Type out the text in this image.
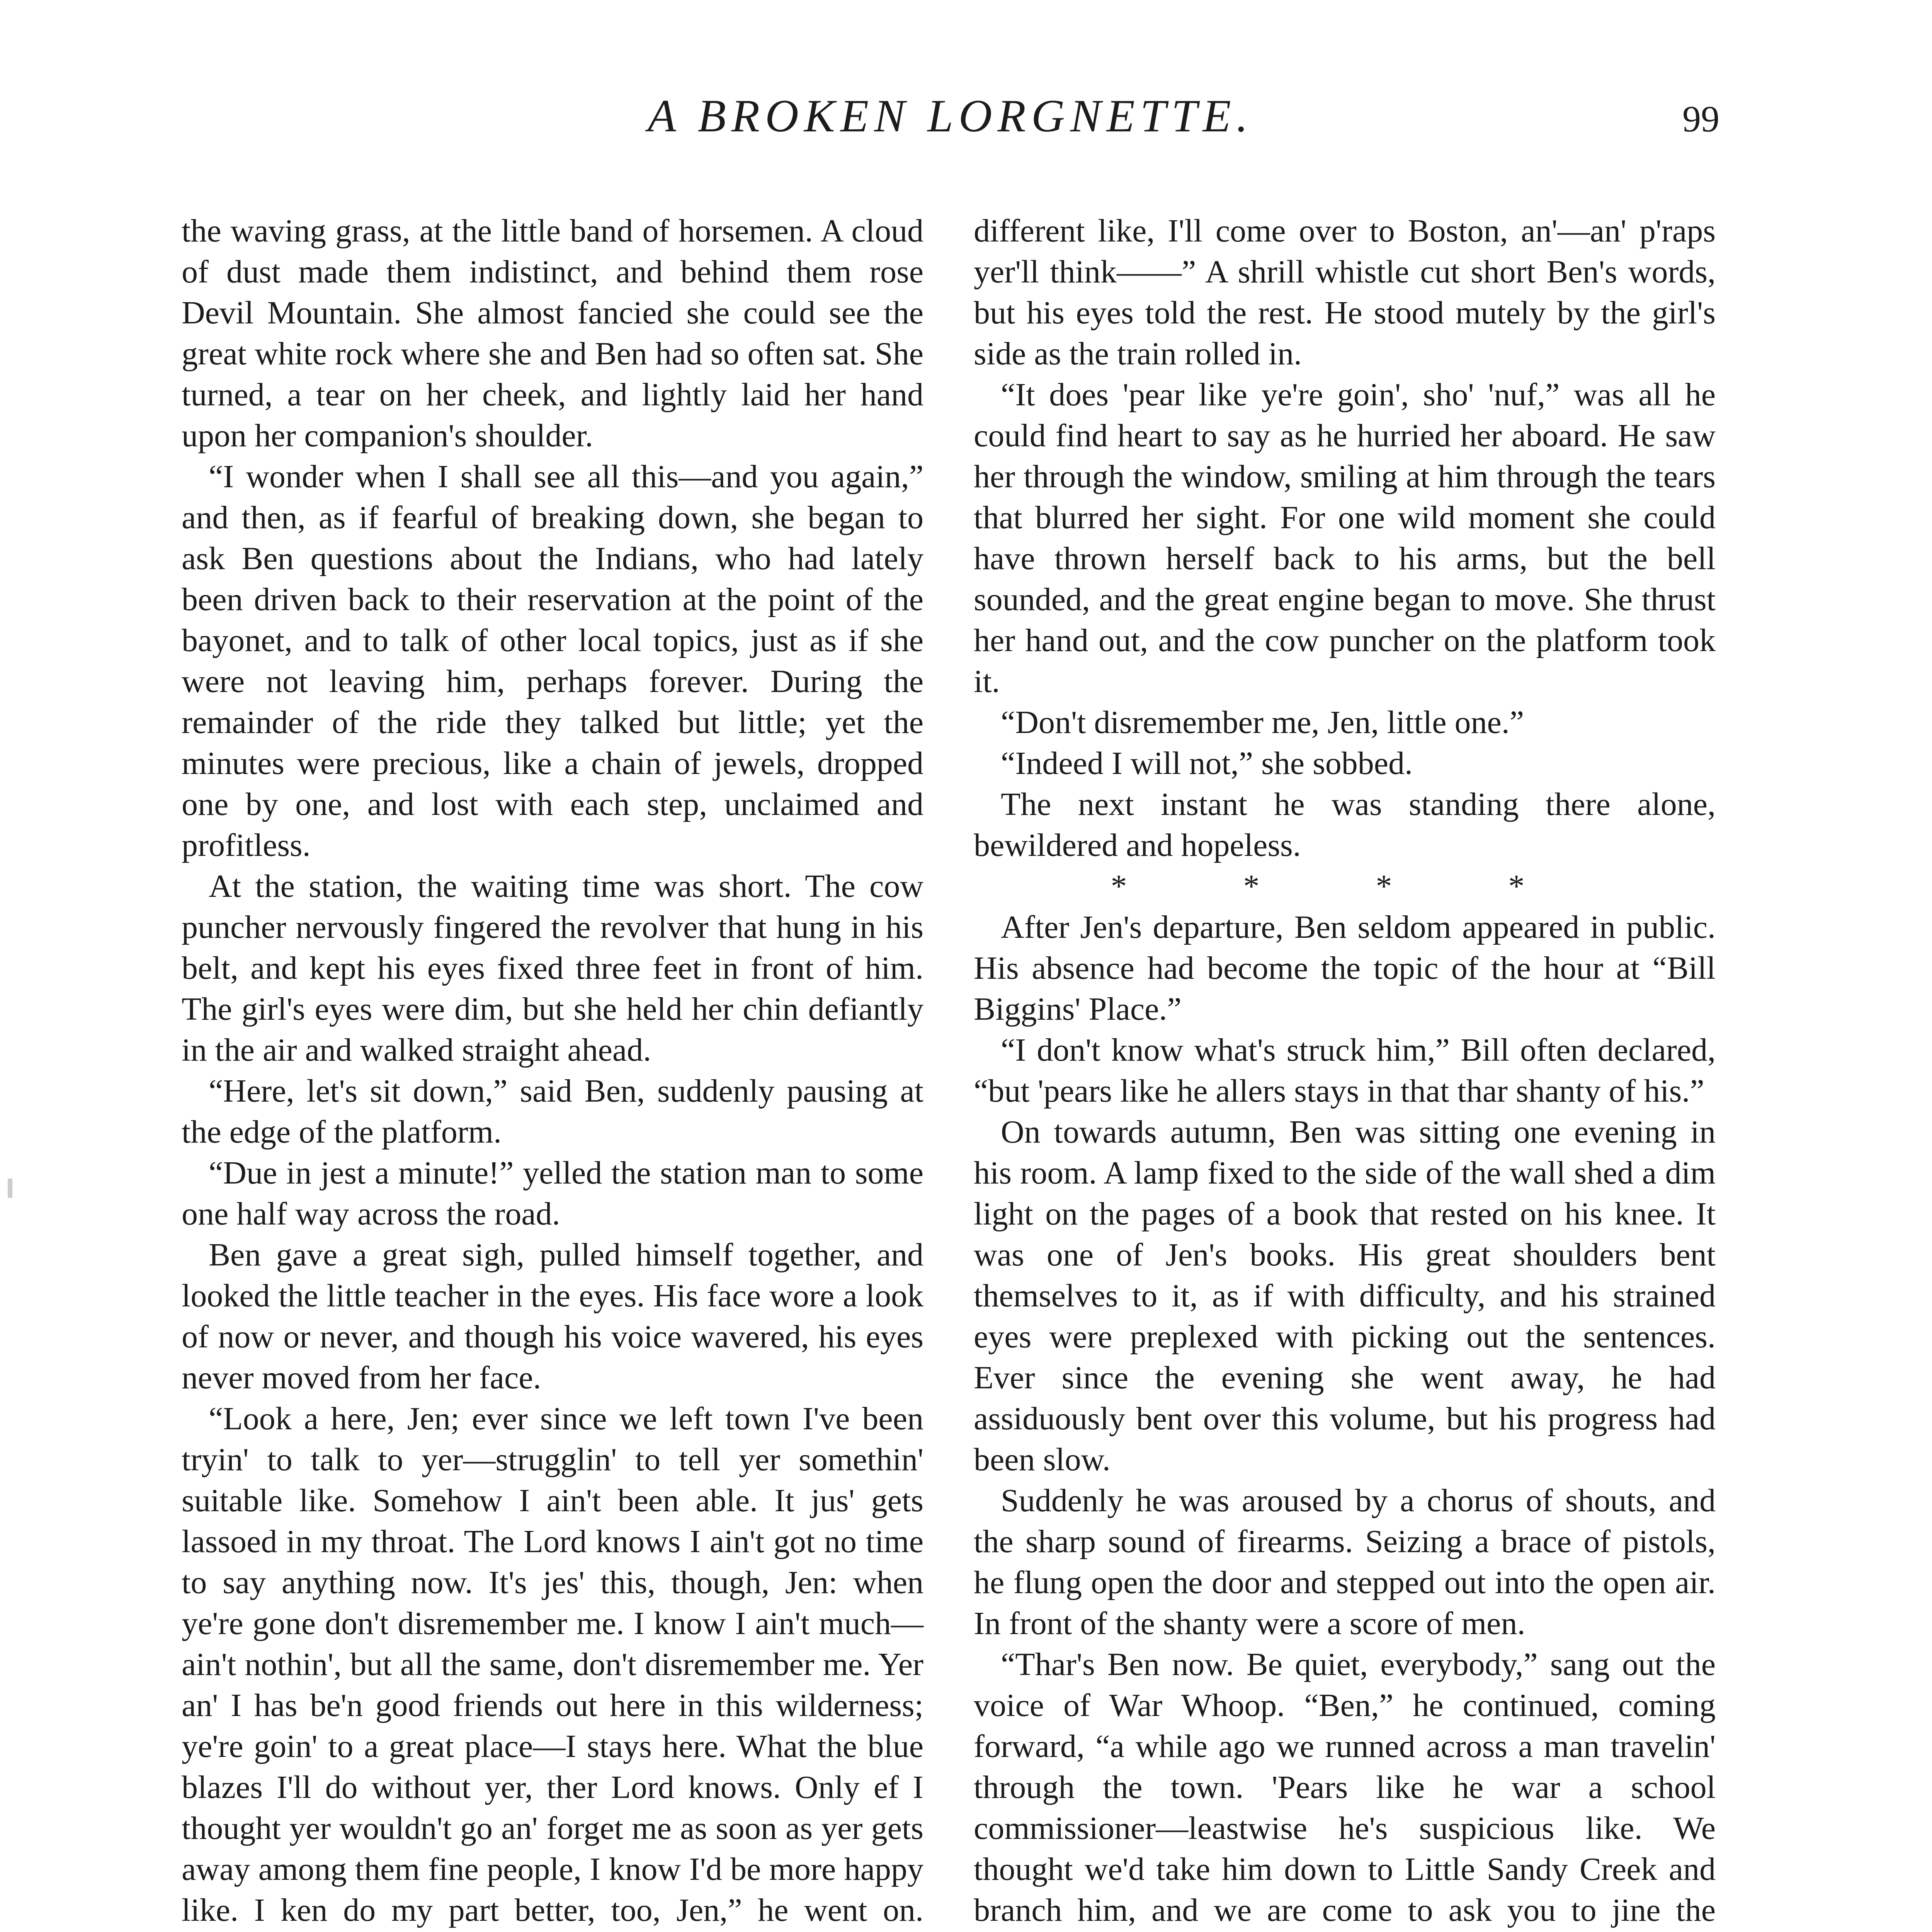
A BROKEN LORGNETTE.	99

the waving grass, at the little band of horsemen. A cloud of dust made them indistinct, and behind them rose Devil Mountain. She almost fancied she could see the great white rock where she and Ben had so often sat. She turned, a tear on her cheek, and lightly laid her hand upon her companion's shoulder.

“I wonder when I shall see all this—and you again,” and then, as if fearful of breaking down, she began to ask Ben questions about the Indians, who had lately been driven back to their reservation at the point of the bayonet, and to talk of other local topics, just as if she were not leaving him, perhaps forever. During the remainder of the ride they talked but little; yet the minutes were precious, like a chain of jewels, dropped one by one, and lost with each step, unclaimed and profitless.

At the station, the waiting time was short. The cow puncher nervously fingered the revolver that hung in his belt, and kept his eyes fixed three feet in front of him. The girl's eyes were dim, but she held her chin defiantly in the air and walked straight ahead.

“Here, let's sit down,” said Ben, suddenly pausing at the edge of the platform.

“Due in jest a minute!” yelled the station man to some one half way across the road.

Ben gave a great sigh, pulled himself together, and looked the little teacher in the eyes. His face wore a look of now or never, and though his voice wavered, his eyes never moved from her face.

“Look a here, Jen; ever since we left town I've been tryin' to talk to yer—strugglin' to tell yer somethin' suitable like. Somehow I ain't been able. It jus' gets lassoed in my throat. The Lord knows I ain't got no time to say anything now. It's jes' this, though, Jen: when ye're gone don't disremember me. I know I ain't much—ain't nothin', but all the same, don't disremember me. Yer an' I has be'n good friends out here in this wilderness; ye're goin' to a great place—I stays here. What the blue blazes I'll do without yer, ther Lord knows. Only ef I thought yer wouldn't go an' forget me as soon as yer gets away among them fine people, I know I'd be more happy like. I ken do my part better, too, Jen,” he went on.

different like, I'll come over to Boston, an'—an' p'raps yer'll think——” A shrill whistle cut short Ben's words, but his eyes told the rest. He stood mutely by the girl's side as the train rolled in.

“It does 'pear like ye're goin', sho' 'nuf,” was all he could find heart to say as he hurried her aboard. He saw her through the window, smiling at him through the tears that blurred her sight. For one wild moment she could have thrown herself back to his arms, but the bell sounded, and the great engine began to move. She thrust her hand out, and the cow puncher on the platform took it.

“Don't disremember me, Jen, little one.”

“Indeed I will not,” she sobbed.

The next instant he was standing there alone, bewildered and hopeless.

* * * *

After Jen's departure, Ben seldom appeared in public. His absence had become the topic of the hour at “Bill Biggins' Place.”

“I don't know what's struck him,” Bill often declared, “but 'pears like he allers stays in that thar shanty of his.”

On towards autumn, Ben was sitting one evening in his room. A lamp fixed to the side of the wall shed a dim light on the pages of a book that rested on his knee. It was one of Jen's books. His great shoulders bent themselves to it, as if with difficulty, and his strained eyes were preplexed with picking out the sentences. Ever since the evening she went away, he had assiduously bent over this volume, but his progress had been slow.

Suddenly he was aroused by a chorus of shouts, and the sharp sound of firearms. Seizing a brace of pistols, he flung open the door and stepped out into the open air. In front of the shanty were a score of men.

“Thar's Ben now. Be quiet, everybody,” sang out the voice of War Whoop. “Ben,” he continued, coming forward, “a while ago we runned across a man travelin' through the town. 'Pears like he war a school commissioner—leastwise he's suspicious like. We thought we'd take him down to Little Sandy Creek and branch him, and we are come to ask you to jine the
